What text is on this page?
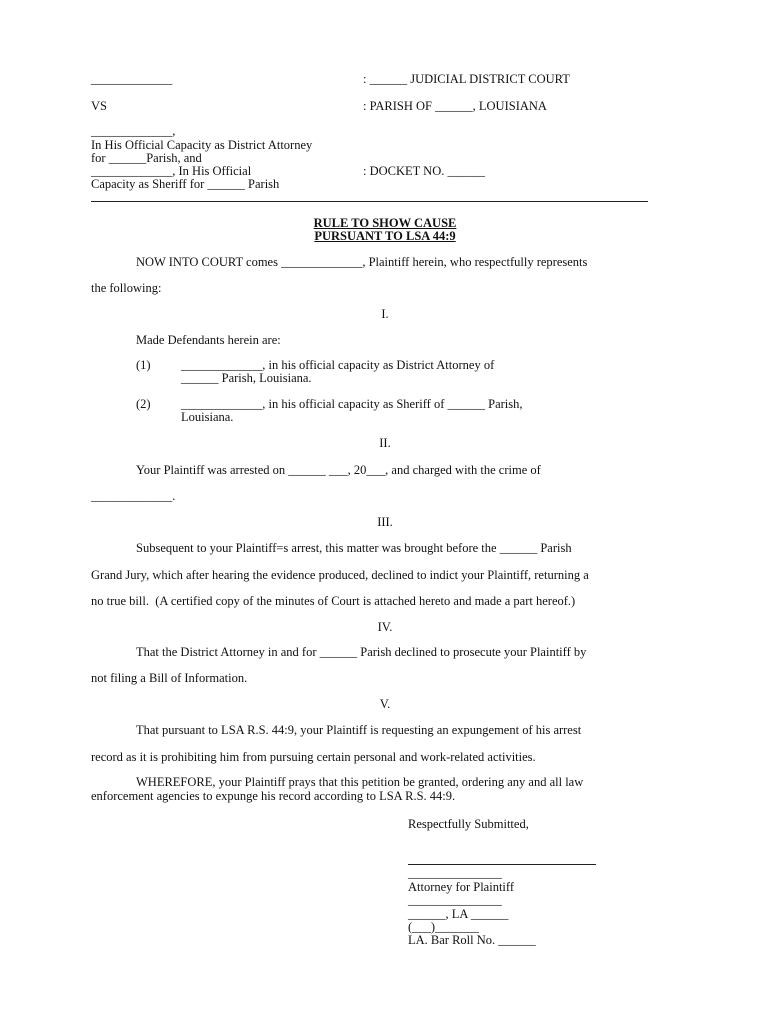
_____________	: ______ JUDICIAL DISTRICT COURT
VS	: PARISH OF ______, LOUISIANA
_____________,
In His Official Capacity as District Attorney
for ______Parish, and
_____________, In His Official	: DOCKET NO. ______
Capacity as Sheriff for ______ Parish
RULE TO SHOW CAUSE
PURSUANT TO LSA 44:9
NOW INTO COURT comes _____________, Plaintiff herein, who respectfully represents
the following:
I.
Made Defendants herein are:
(1) _____________, in his official capacity as District Attorney of
______ Parish, Louisiana.
(2) _____________, in his official capacity as Sheriff of ______ Parish,
Louisiana.
II.
Your Plaintiff was arrested on ______ ___, 20___, and charged with the crime of
_____________.
III.
Subsequent to your Plaintiff=s arrest, this matter was brought before the ______ Parish
Grand Jury, which after hearing the evidence produced, declined to indict your Plaintiff, returning a
no true bill.  (A certified copy of the minutes of Court is attached hereto and made a part hereof.)
IV.
That the District Attorney in and for ______ Parish declined to prosecute your Plaintiff by
not filing a Bill of Information.
V.
That pursuant to LSA R.S. 44:9, your Plaintiff is requesting an expungement of his arrest
record as it is prohibiting him from pursuing certain personal and work-related activities.
WHEREFORE, your Plaintiff prays that this petition be granted, ordering any and all law
enforcement agencies to expunge his record according to LSA R.S. 44:9.
Respectfully Submitted,
_______________
Attorney for Plaintiff
_______________
______, LA ______
(___)_______
LA. Bar Roll No. ______
